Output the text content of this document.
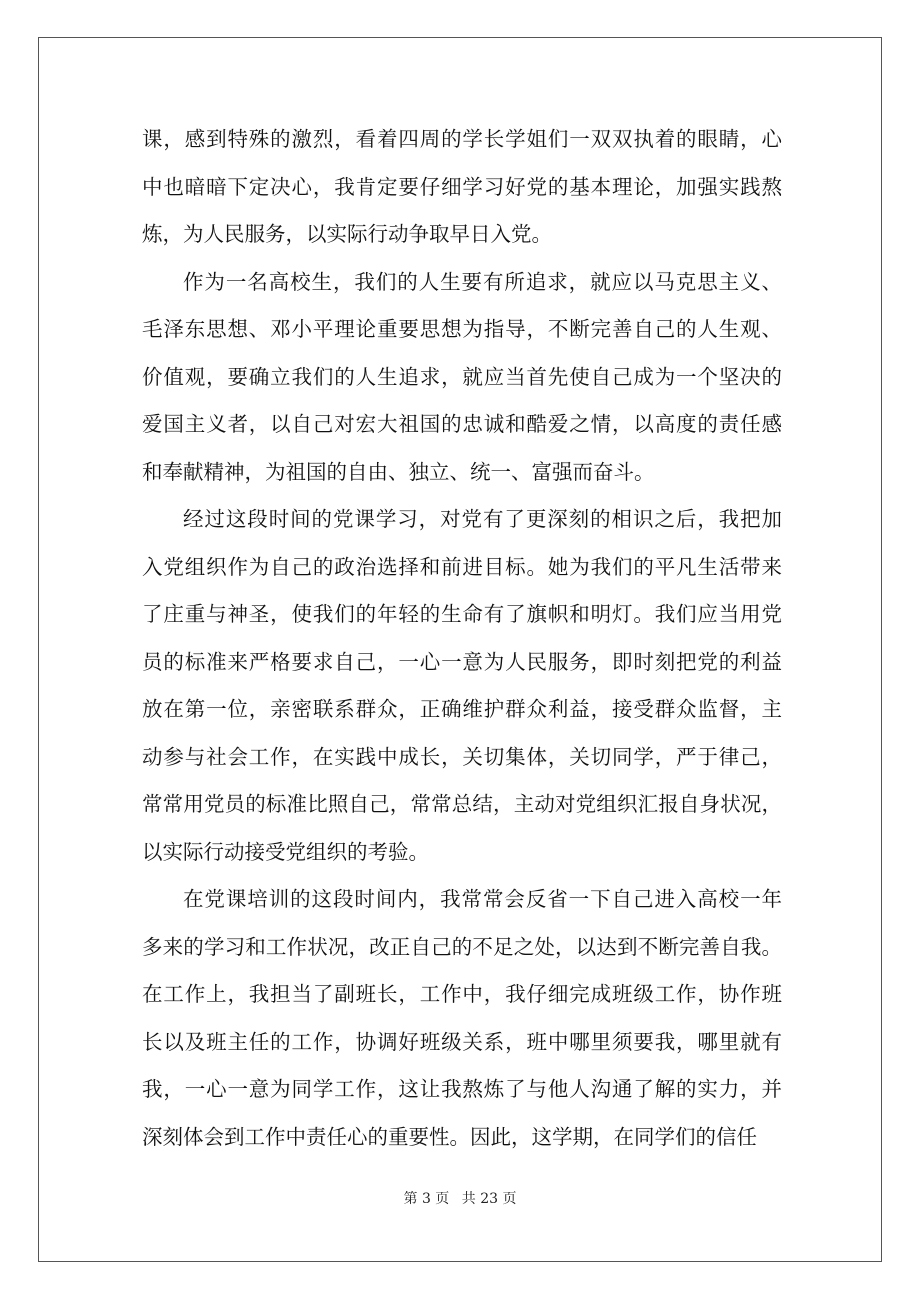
课，感到特殊的激烈，看着四周的学长学姐们一双双执着的眼睛，心
中也暗暗下定决心，我肯定要仔细学习好党的基本理论，加强实践熬
炼，为人民服务，以实际行动争取早日入党。
作为一名高校生，我们的人生要有所追求，就应以马克思主义、
毛泽东思想、邓小平理论重要思想为指导，不断完善自己的人生观、
价值观，要确立我们的人生追求，就应当首先使自己成为一个坚决的
爱国主义者，以自己对宏大祖国的忠诚和酷爱之情，以高度的责任感
和奉献精神，为祖国的自由、独立、统一、富强而奋斗。
经过这段时间的党课学习，对党有了更深刻的相识之后，我把加
入党组织作为自己的政治选择和前进目标。她为我们的平凡生活带来
了庄重与神圣，使我们的年轻的生命有了旗帜和明灯。我们应当用党
员的标准来严格要求自己，一心一意为人民服务，即时刻把党的利益
放在第一位，亲密联系群众，正确维护群众利益，接受群众监督，主
动参与社会工作，在实践中成长，关切集体，关切同学，严于律己，
常常用党员的标准比照自己，常常总结，主动对党组织汇报自身状况，
以实际行动接受党组织的考验。
在党课培训的这段时间内，我常常会反省一下自己进入高校一年
多来的学习和工作状况，改正自己的不足之处，以达到不断完善自我。
在工作上，我担当了副班长，工作中，我仔细完成班级工作，协作班
长以及班主任的工作，协调好班级关系，班中哪里须要我，哪里就有
我，一心一意为同学工作，这让我熬炼了与他人沟通了解的实力，并
深刻体会到工作中责任心的重要性。因此，这学期，在同学们的信任
第 3 页 共 23 页
